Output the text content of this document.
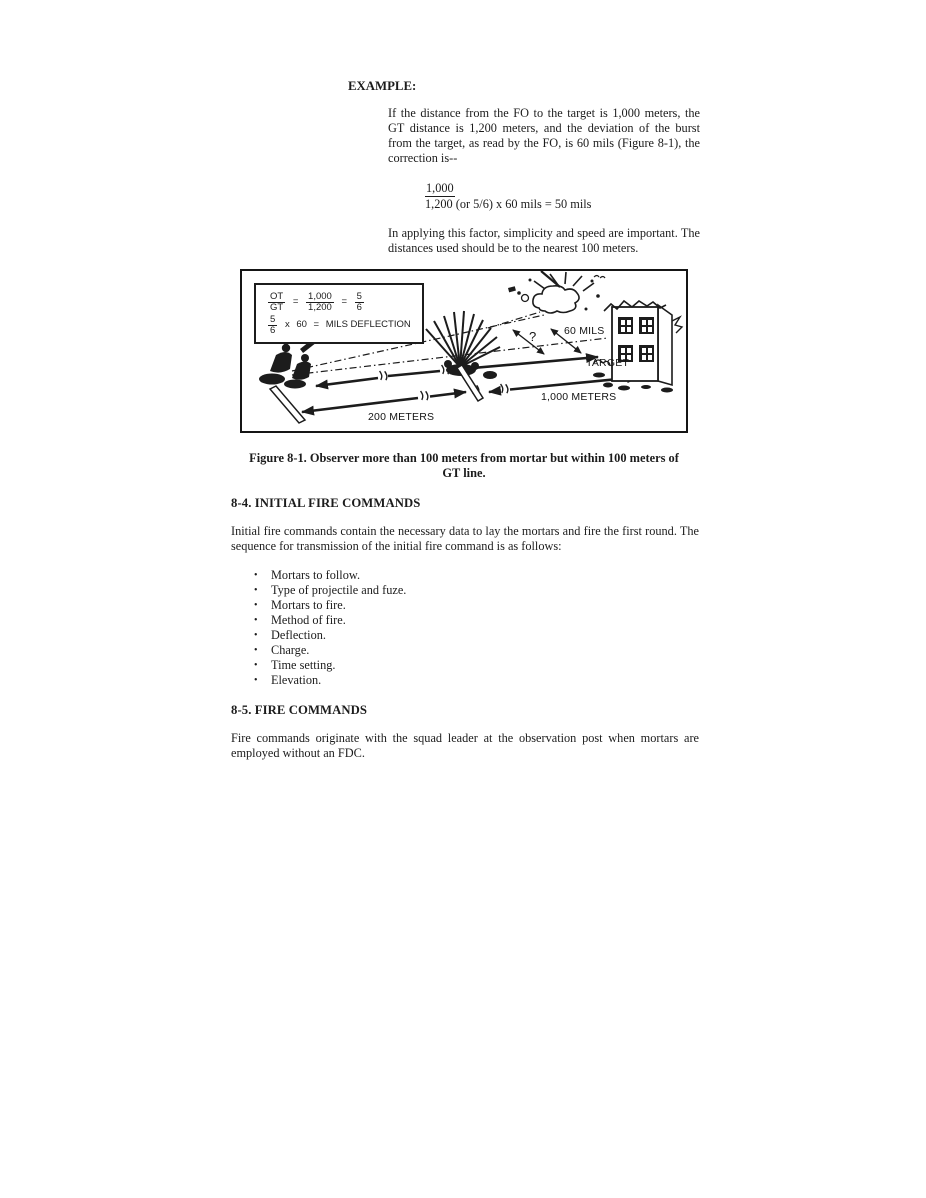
EXAMPLE:
If the distance from the FO to the target is 1,000 meters, the GT distance is 1,200 meters, and the deviation of the burst from the target, as read by the FO, is 60 mils (Figure 8-1), the correction is--
1,000
1,200 (or 5/6) x 60 mils = 50 mils
In applying this factor, simplicity and speed are important. The distances used should be to the nearest 100 meters.
$\frac{OT}{GT} = \frac{1,000}{1,200} = \frac{5}{6}$
$\frac{5}{6}$ x 60 = MILS DEFLECTION
60 MILS
?
TARGET
1,000 METERS
200 METERS
Figure 8-1. Observer more than 100 meters from mortar but within 100 meters of
GT line.
8-4. INITIAL FIRE COMMANDS
Initial fire commands contain the necessary data to lay the mortars and fire the first round. The sequence for transmission of the initial fire command is as follows:
•	Mortars to follow.
•	Type of projectile and fuze.
•	Mortars to fire.
•	Method of fire.
•	Deflection.
•	Charge.
•	Time setting.
•	Elevation.
8-5. FIRE COMMANDS
Fire commands originate with the squad leader at the observation post when mortars are employed without an FDC.
